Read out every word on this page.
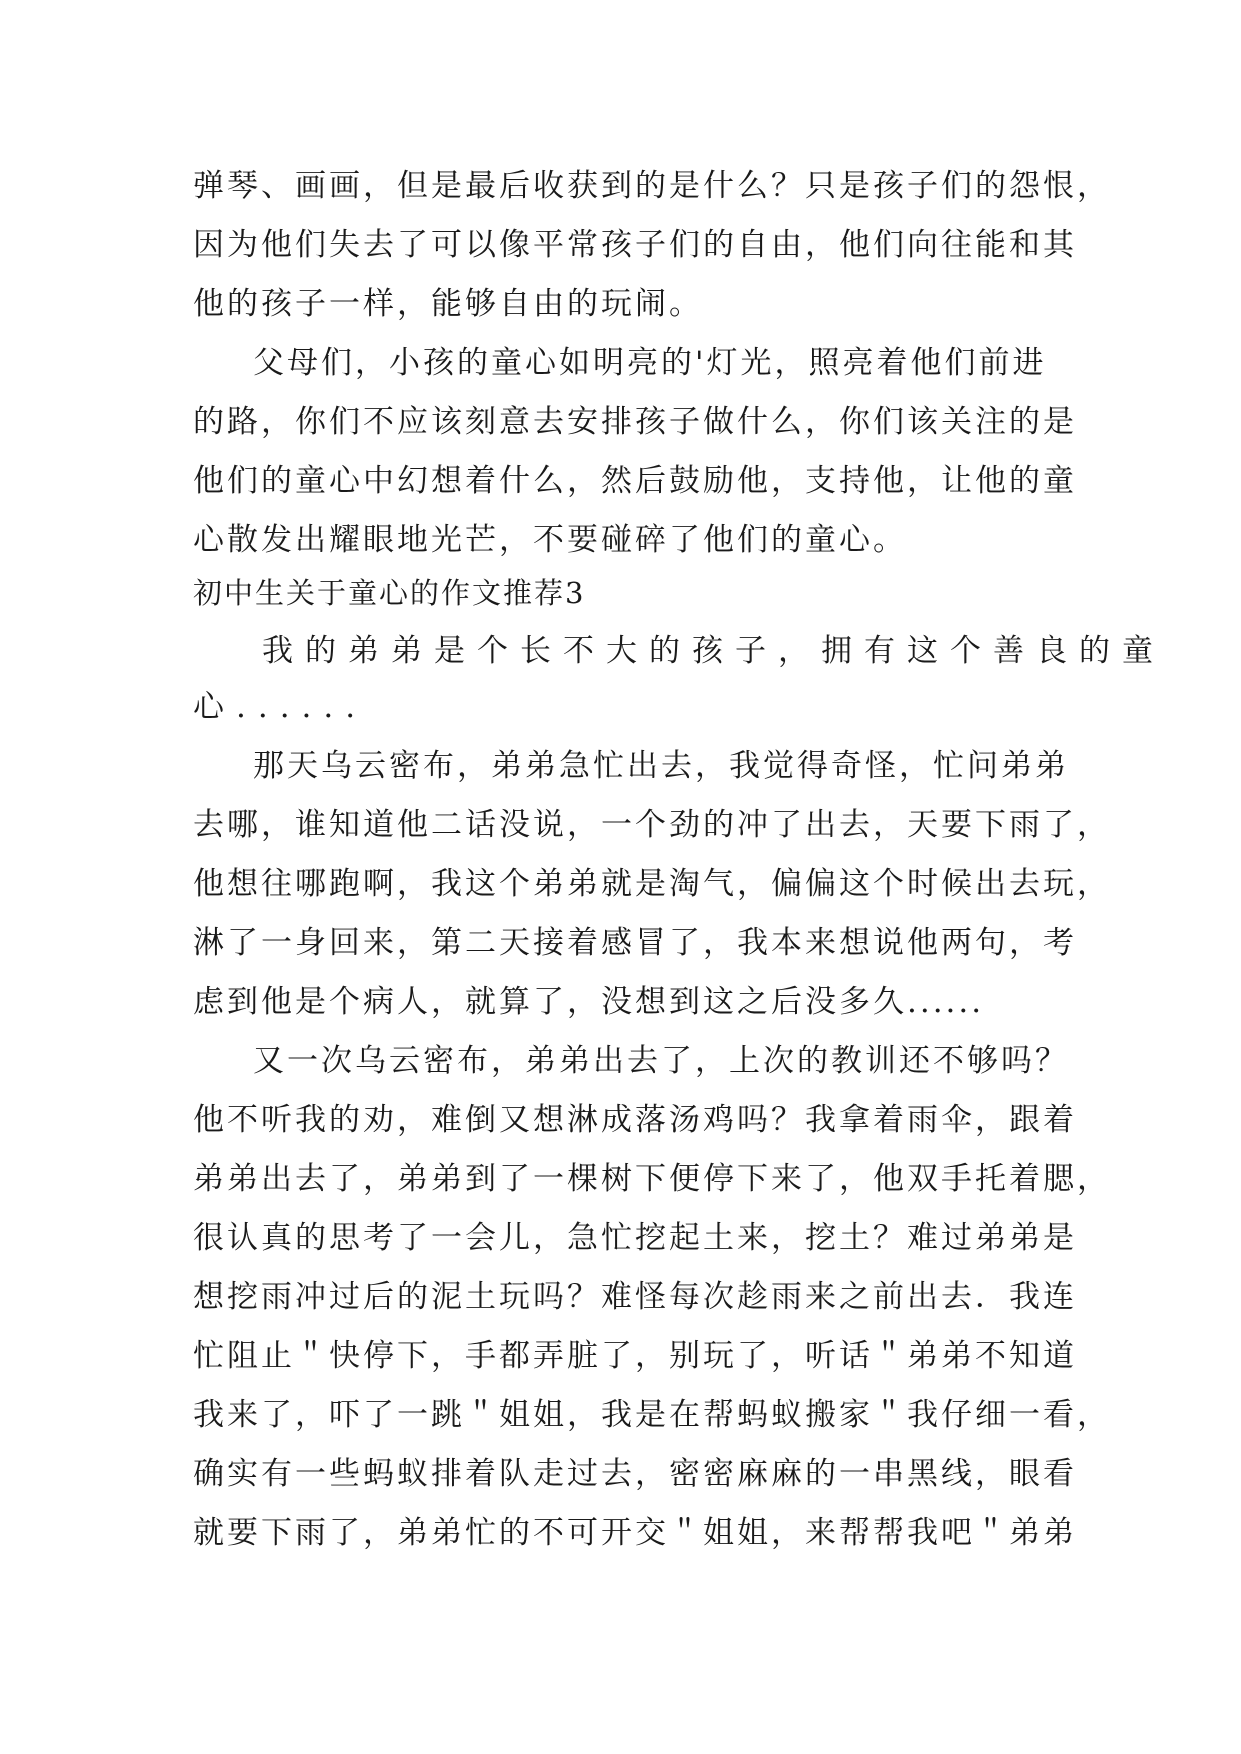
弹琴、画画，但是最后收获到的是什么？只是孩子们的怨恨，
因为他们失去了可以像平常孩子们的自由，他们向往能和其
他的孩子一样，能够自由的玩闹。
父母们，小孩的童心如明亮的'灯光，照亮着他们前进
的路，你们不应该刻意去安排孩子做什么，你们该关注的是
他们的童心中幻想着什么，然后鼓励他，支持他，让他的童
心散发出耀眼地光芒，不要碰碎了他们的童心。
初中生关于童心的作文推荐3
我的弟弟是个长不大的孩子，拥有这个善良的童
心......
那天乌云密布，弟弟急忙出去，我觉得奇怪，忙问弟弟
去哪，谁知道他二话没说，一个劲的冲了出去，天要下雨了，
他想往哪跑啊，我这个弟弟就是淘气，偏偏这个时候出去玩，
淋了一身回来，第二天接着感冒了，我本来想说他两句，考
虑到他是个病人，就算了，没想到这之后没多久......
又一次乌云密布，弟弟出去了，上次的教训还不够吗？
他不听我的劝，难倒又想淋成落汤鸡吗？我拿着雨伞，跟着
弟弟出去了，弟弟到了一棵树下便停下来了，他双手托着腮，
很认真的思考了一会儿，急忙挖起土来，挖土？难过弟弟是
想挖雨冲过后的泥土玩吗？难怪每次趁雨来之前出去．我连
忙阻止＂快停下，手都弄脏了，别玩了，听话＂弟弟不知道
我来了，吓了一跳＂姐姐，我是在帮蚂蚁搬家＂我仔细一看，
确实有一些蚂蚁排着队走过去，密密麻麻的一串黑线，眼看
就要下雨了，弟弟忙的不可开交＂姐姐，来帮帮我吧＂弟弟
